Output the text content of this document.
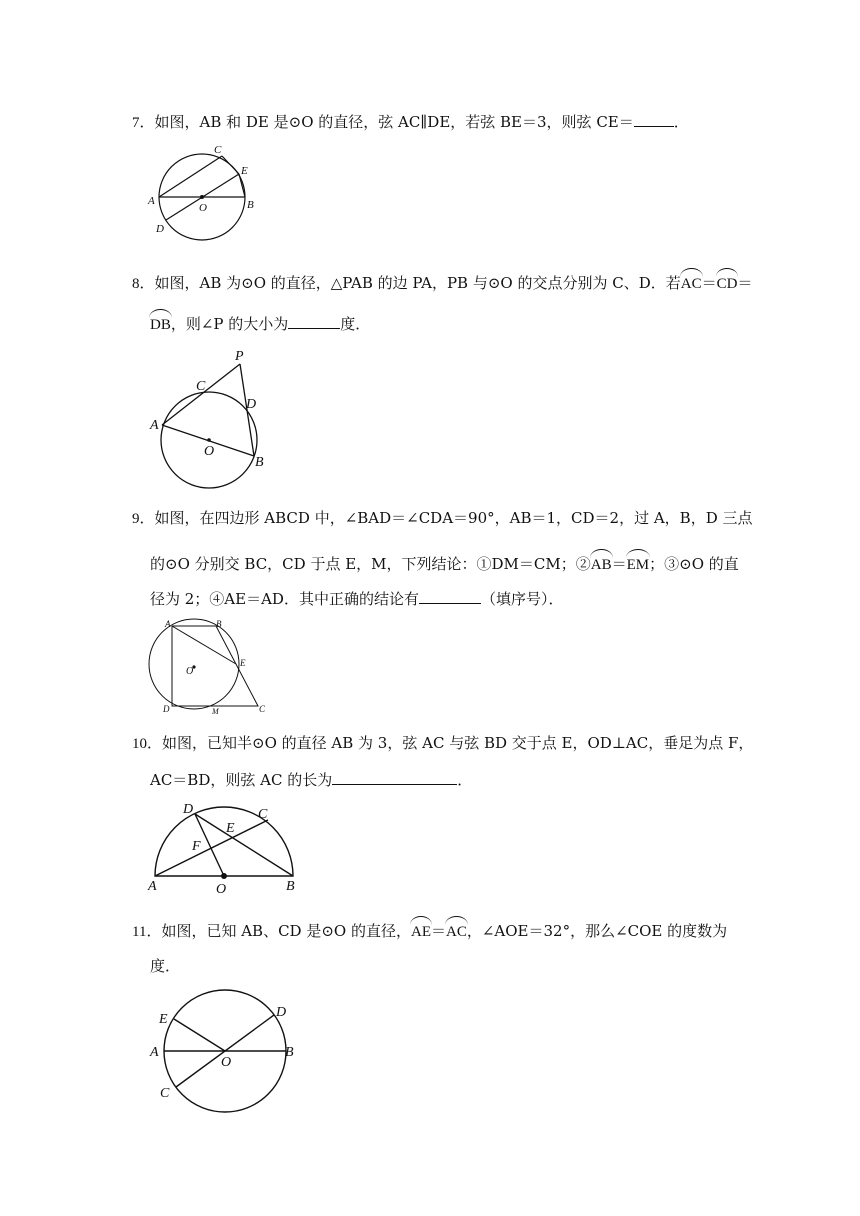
7．如图，AB 和 DE 是⊙O 的直径，弦 AC∥DE，若弦 BE＝3，则弦 CE＝	．
A	B
C
D
E
O
8．如图，AB 为⊙O 的直径，△PAB 的边 PA，PB 与⊙O 的交点分别为 C、D．若AC＝CD＝
DB，则∠P 的大小为	度．
A
B
C
D
P
O
9．如图，在四边形 ABCD 中，∠BAD＝∠CDA＝90°，AB＝1，CD＝2，过 A，B，D 三点
的⊙O 分别交 BC，CD 于点 E，M，下列结论：①DM＝CM；②AB＝EM；③⊙O 的直
径为 2；④AE＝AD．其中正确的结论有	（填序号）．
A	B
C
D
E
M
O
10．如图，已知半⊙O 的直径 AB 为 3，弦 AC 与弦 BD 交于点 E，OD⊥AC，垂足为点 F，
AC＝BD，则弦 AC 的长为	．
A	B
C
D
E
F
O
11．如图，已知 AB、CD 是⊙O 的直径，AE＝AC，∠AOE＝32°，那么∠COE 的度数为
度．
A	B
C
D
E
O
